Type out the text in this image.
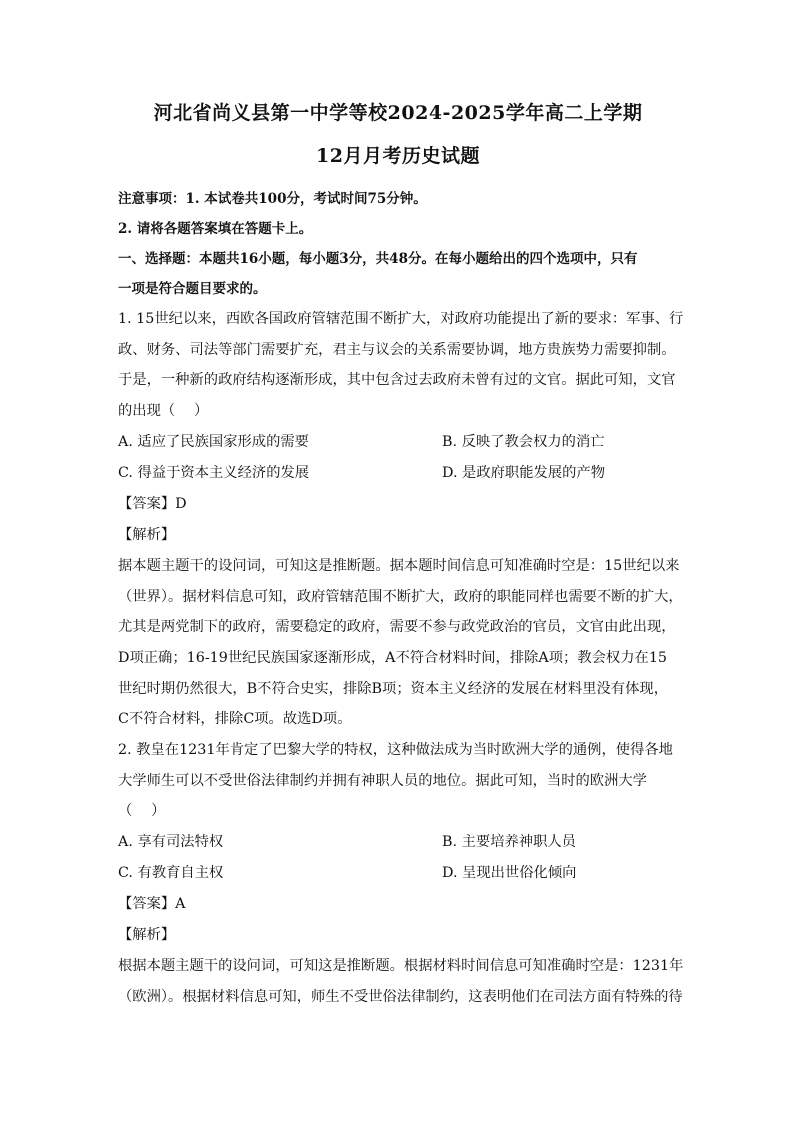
河北省尚义县第一中学等校2024-2025学年高二上学期
12月月考历史试题
注意事项：1. 本试卷共100分，考试时间75分钟。
2. 请将各题答案填在答题卡上。
一、选择题：本题共16小题，每小题3分，共48分。在每小题给出的四个选项中，只有
一项是符合题目要求的。
1. 15世纪以来，西欧各国政府管辖范围不断扩大，对政府功能提出了新的要求：军事、行
政、财务、司法等部门需要扩充，君主与议会的关系需要协调，地方贵族势力需要抑制。
于是，一种新的政府结构逐渐形成，其中包含过去政府未曾有过的文官。据此可知，文官
的出现（　 ）
A. 适应了民族国家形成的需要	B. 反映了教会权力的消亡
C. 得益于资本主义经济的发展	D. 是政府职能发展的产物
【答案】D
【解析】
据本题主题干的设问词，可知这是推断题。据本题时间信息可知准确时空是：15世纪以来
（世界）。据材料信息可知，政府管辖范围不断扩大，政府的职能同样也需要不断的扩大，
尤其是两党制下的政府，需要稳定的政府，需要不参与政党政治的官员，文官由此出现，
D项正确；16-19世纪民族国家逐渐形成，A不符合材料时间，排除A项；教会权力在15
世纪时期仍然很大，B不符合史实，排除B项；资本主义经济的发展在材料里没有体现，
C不符合材料，排除C项。故选D项。
2. 教皇在1231年肯定了巴黎大学的特权，这种做法成为当时欧洲大学的通例，使得各地
大学师生可以不受世俗法律制约并拥有神职人员的地位。据此可知，当时的欧洲大学
（　 ）
A. 享有司法特权	B. 主要培养神职人员
C. 有教育自主权	D. 呈现出世俗化倾向
【答案】A
【解析】
根据本题主题干的设问词，可知这是推断题。根据材料时间信息可知准确时空是：1231年
（欧洲）。根据材料信息可知，师生不受世俗法律制约，这表明他们在司法方面有特殊的待
